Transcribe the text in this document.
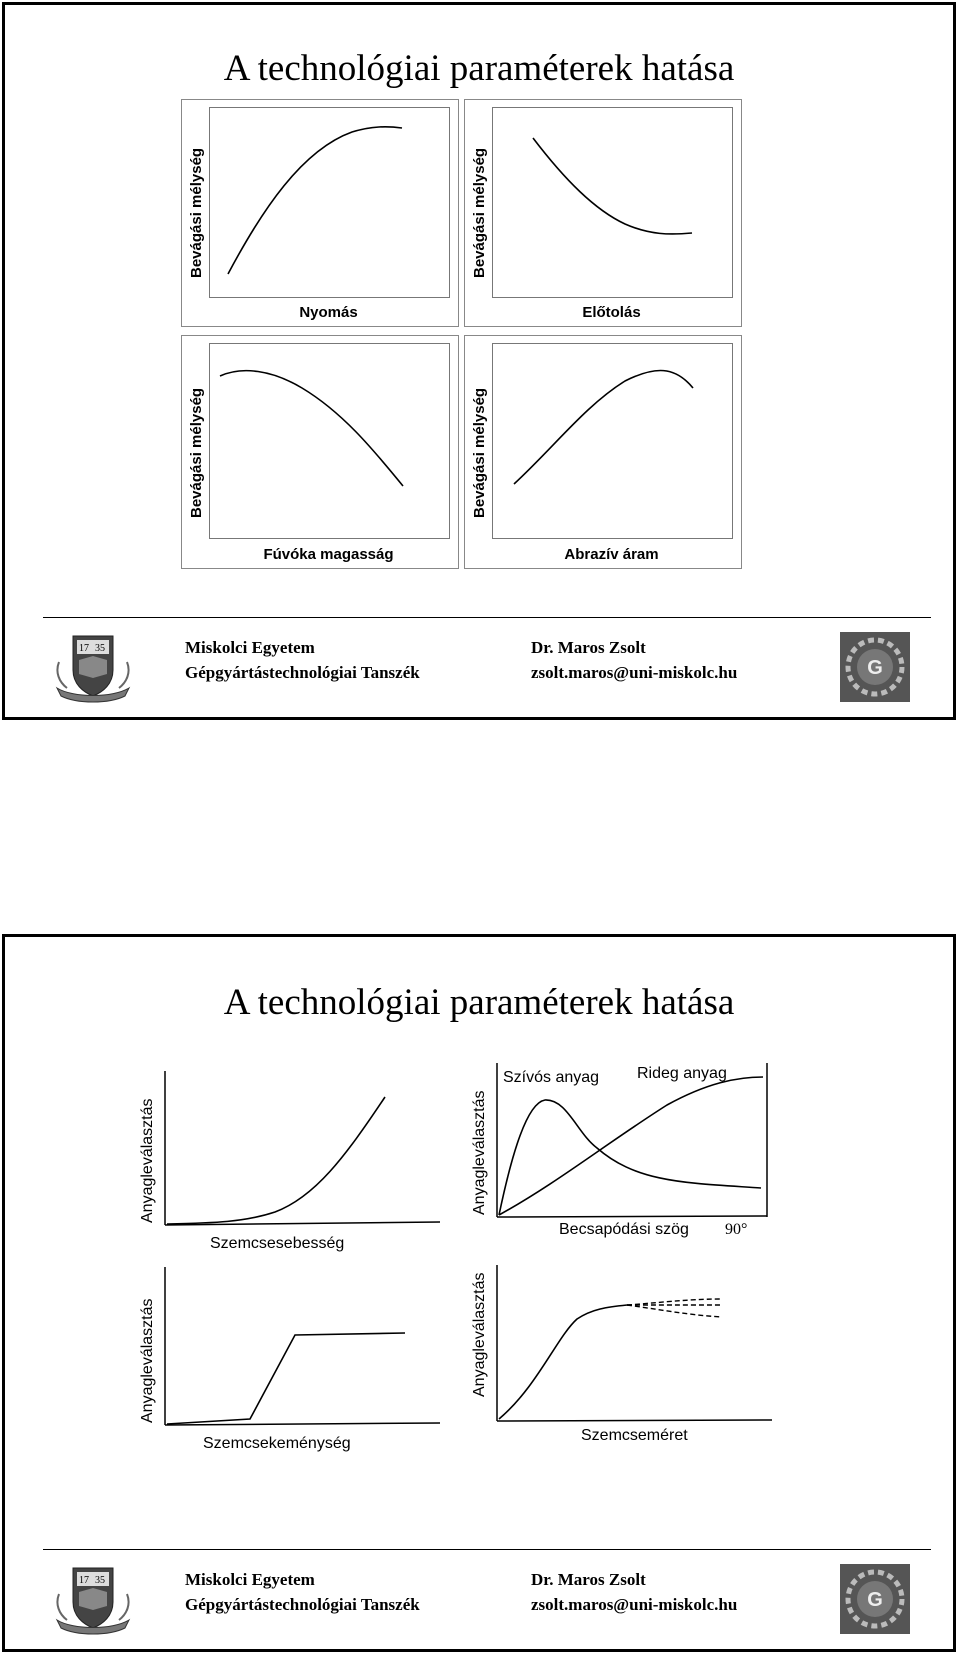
A technológiai paraméterek hatása
Bevágási mélység
Nyomás
Bevágási mélység
Előtolás
Bevágási mélység
Fúvóka magasság
Bevágási mélység
Abrazív áram
17 35	Miskolci Egyetem
Gépgyártástechnológiai Tanszék
Dr. Maros Zsolt
zsolt.maros@uni-miskolc.hu	G
A technológiai paraméterek hatása
Anyagleválasztás
Szemcsesebesség
Anyagleválasztás
Becsapódási szög 90°
Szívós anyag Rideg anyag
Anyagleválasztás
Szemcsekeménység
Anyagleválasztás
Szemcseméret
17 35	Miskolci Egyetem
Gépgyártástechnológiai Tanszék
Dr. Maros Zsolt
zsolt.maros@uni-miskolc.hu	G
